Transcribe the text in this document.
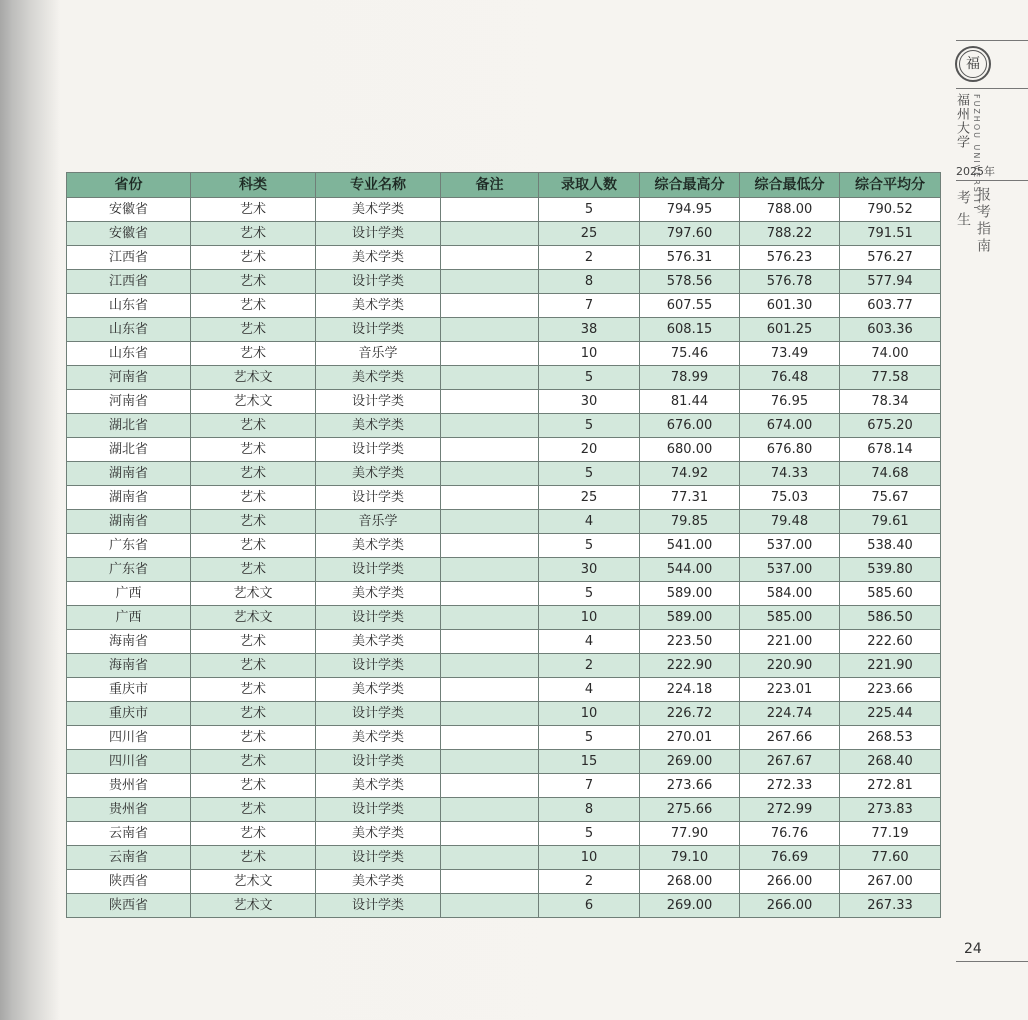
福
福州大学 FUZHOU UNIVERSITY
2025年
报考指南
考生
省份	科类	专业名称	备注	录取人数	综合最高分	综合最低分	综合平均分
安徽省	艺术	美术学类		5	794.95	788.00	790.52
安徽省	艺术	设计学类		25	797.60	788.22	791.51
江西省	艺术	美术学类		2	576.31	576.23	576.27
江西省	艺术	设计学类		8	578.56	576.78	577.94
山东省	艺术	美术学类		7	607.55	601.30	603.77
山东省	艺术	设计学类		38	608.15	601.25	603.36
山东省	艺术	音乐学		10	75.46	73.49	74.00
河南省	艺术文	美术学类		5	78.99	76.48	77.58
河南省	艺术文	设计学类		30	81.44	76.95	78.34
湖北省	艺术	美术学类		5	676.00	674.00	675.20
湖北省	艺术	设计学类		20	680.00	676.80	678.14
湖南省	艺术	美术学类		5	74.92	74.33	74.68
湖南省	艺术	设计学类		25	77.31	75.03	75.67
湖南省	艺术	音乐学		4	79.85	79.48	79.61
广东省	艺术	美术学类		5	541.00	537.00	538.40
广东省	艺术	设计学类		30	544.00	537.00	539.80
广西	艺术文	美术学类		5	589.00	584.00	585.60
广西	艺术文	设计学类		10	589.00	585.00	586.50
海南省	艺术	美术学类		4	223.50	221.00	222.60
海南省	艺术	设计学类		2	222.90	220.90	221.90
重庆市	艺术	美术学类		4	224.18	223.01	223.66
重庆市	艺术	设计学类		10	226.72	224.74	225.44
四川省	艺术	美术学类		5	270.01	267.66	268.53
四川省	艺术	设计学类		15	269.00	267.67	268.40
贵州省	艺术	美术学类		7	273.66	272.33	272.81
贵州省	艺术	设计学类		8	275.66	272.99	273.83
云南省	艺术	美术学类		5	77.90	76.76	77.19
云南省	艺术	设计学类		10	79.10	76.69	77.60
陕西省	艺术文	美术学类		2	268.00	266.00	267.00
陕西省	艺术文	设计学类		6	269.00	266.00	267.33
24
